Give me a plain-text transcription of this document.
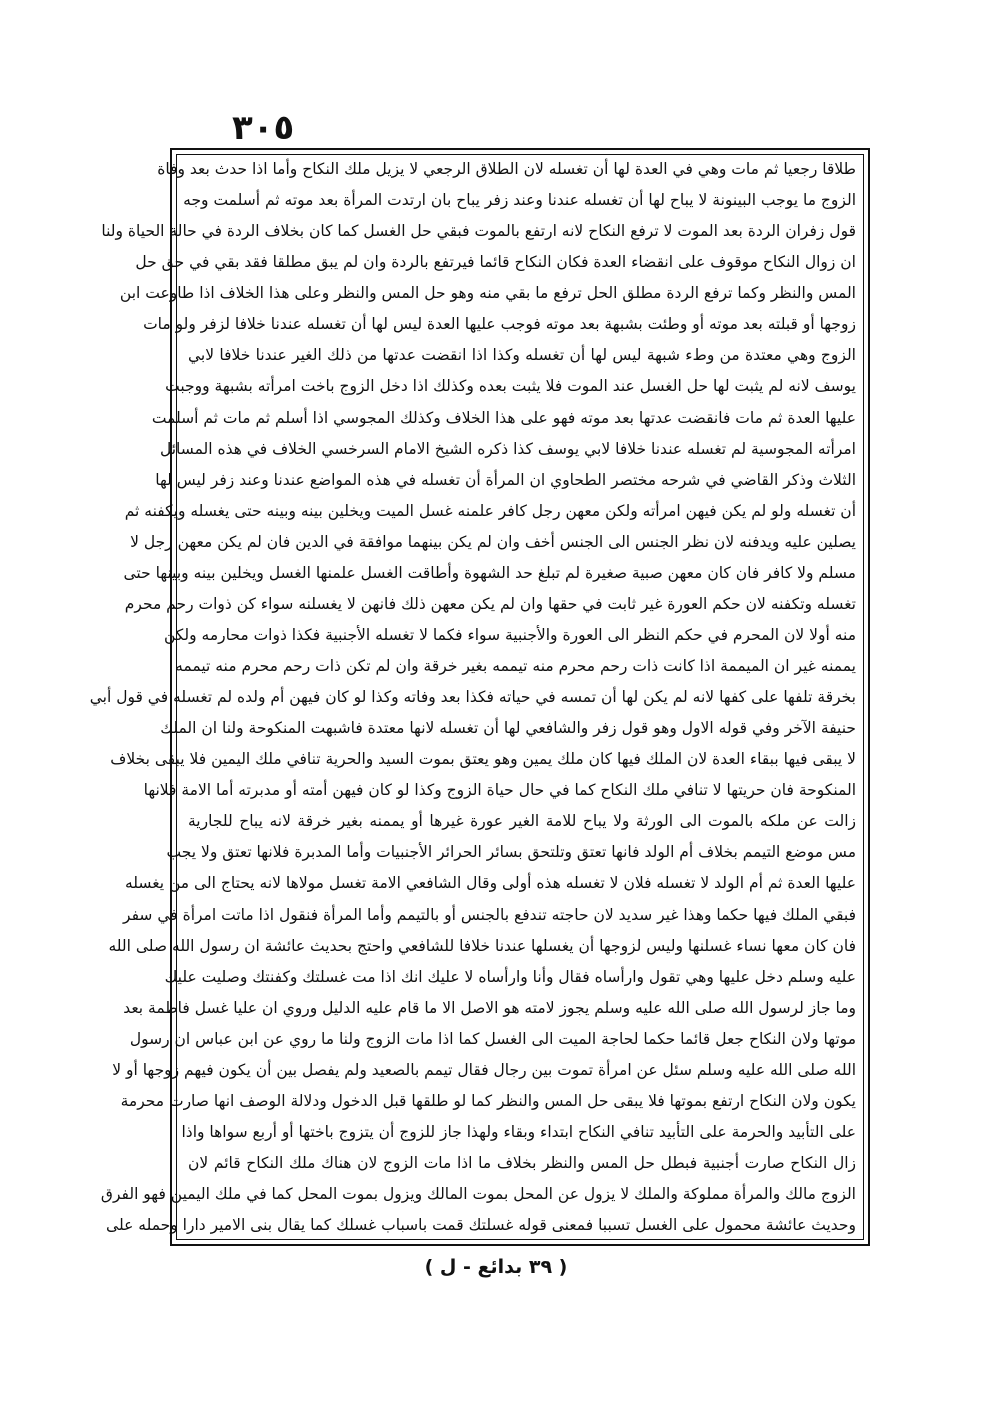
٣٠٥
طلاقا رجعيا ثم مات وهي في العدة لها أن تغسله لان الطلاق الرجعي لا يزيل ملك النكاح وأما اذا حدث بعد وفاة
الزوج ما يوجب البينونة لا يباح لها أن تغسله عندنا وعند زفر يباح بان ارتدت المرأة بعد موته ثم أسلمت وجه
قول زفران الردة بعد الموت لا ترفع النكاح لانه ارتفع بالموت فبقي حل الغسل كما كان بخلاف الردة في حالة الحياة ولنا
ان زوال النكاح موقوف على انقضاء العدة فكان النكاح قائما فيرتفع بالردة وان لم يبق مطلقا فقد بقي في حق حل
المس والنظر وكما ترفع الردة مطلق الحل ترفع ما بقي منه وهو حل المس والنظر وعلى هذا الخلاف اذا طاوعت ابن
زوجها أو قبلته بعد موته أو وطئت بشبهة بعد موته فوجب عليها العدة ليس لها أن تغسله عندنا خلافا لزفر ولو مات
الزوج وهي معتدة من وطء شبهة ليس لها أن تغسله وكذا اذا انقضت عدتها من ذلك الغير عندنا خلافا لابي
يوسف لانه لم يثبت لها حل الغسل عند الموت فلا يثبت بعده وكذلك اذا دخل الزوج باخت امرأته بشبهة ووجبت
عليها العدة ثم مات فانقضت عدتها بعد موته فهو على هذا الخلاف وكذلك المجوسي اذا أسلم ثم مات ثم أسلمت
امرأته المجوسية لم تغسله عندنا خلافا لابي يوسف كذا ذكره الشيخ الامام السرخسي الخلاف في هذه المسائل
الثلاث وذكر القاضي في شرحه مختصر الطحاوي ان المرأة أن تغسله في هذه المواضع عندنا وعند زفر ليس لها
أن تغسله ولو لم يكن فيهن امرأته ولكن معهن رجل كافر علمنه غسل الميت ويخلين بينه وبينه حتى يغسله ويكفنه ثم
يصلين عليه ويدفنه لان نظر الجنس الى الجنس أخف وان لم يكن بينهما موافقة في الدين فان لم يكن معهن رجل لا
مسلم ولا كافر فان كان معهن صبية صغيرة لم تبلغ حد الشهوة وأطاقت الغسل علمنها الغسل ويخلين بينه وبينها حتى
تغسله وتكفنه لان حكم العورة غير ثابت في حقها وان لم يكن معهن ذلك فانهن لا يغسلنه سواء كن ذوات رحم محرم
منه أولا لان المحرم في حكم النظر الى العورة والأجنبية سواء فكما لا تغسله الأجنبية فكذا ذوات محارمه ولكن
يممنه غير ان الميممة اذا كانت ذات رحم محرم منه تيممه بغير خرقة وان لم تكن ذات رحم محرم منه تيممه
بخرقة تلفها على كفها لانه لم يكن لها أن تمسه في حياته فكذا بعد وفاته وكذا لو كان فيهن أم ولده لم تغسله في قول أبي
حنيفة الآخر وفي قوله الاول وهو قول زفر والشافعي لها أن تغسله لانها معتدة فاشبهت المنكوحة ولنا ان الملك
لا يبقى فيها ببقاء العدة لان الملك فيها كان ملك يمين وهو يعتق بموت السيد والحرية تنافي ملك اليمين فلا يبقى بخلاف
المنكوحة فان حريتها لا تنافي ملك النكاح كما في حال حياة الزوج وكذا لو كان فيهن أمته أو مدبرته أما الامة فلانها
زالت عن ملكه بالموت الى الورثة ولا يباح للامة الغير عورة غيرها أو يممنه بغير خرقة لانه يباح للجارية
مس موضع التيمم بخلاف أم الولد فانها تعتق وتلتحق بسائر الحرائر الأجنبيات وأما المدبرة فلانها تعتق ولا يجب
عليها العدة ثم أم الولد لا تغسله فلان لا تغسله هذه أولى وقال الشافعي الامة تغسل مولاها لانه يحتاج الى من يغسله
فبقي الملك فيها حكما وهذا غير سديد لان حاجته تندفع بالجنس أو بالتيمم وأما المرأة فنقول اذا ماتت امرأة في سفر
فان كان معها نساء غسلنها وليس لزوجها أن يغسلها عندنا خلافا للشافعي واحتج بحديث عائشة ان رسول الله صلى الله
عليه وسلم دخل عليها وهي تقول وارأساه فقال وأنا وارأساه لا عليك انك اذا مت غسلتك وكفنتك وصليت عليك
وما جاز لرسول الله صلى الله عليه وسلم يجوز لامته هو الاصل الا ما قام عليه الدليل وروي ان عليا غسل فاطمة بعد
موتها ولان النكاح جعل قائما حكما لحاجة الميت الى الغسل كما اذا مات الزوج ولنا ما روي عن ابن عباس ان رسول
الله صلى الله عليه وسلم سئل عن امرأة تموت بين رجال فقال تيمم بالصعيد ولم يفصل بين أن يكون فيهم زوجها أو لا
يكون ولان النكاح ارتفع بموتها فلا يبقى حل المس والنظر كما لو طلقها قبل الدخول ودلالة الوصف انها صارت محرمة
على التأبيد والحرمة على التأبيد تنافي النكاح ابتداء وبقاء ولهذا جاز للزوج أن يتزوج باختها أو أربع سواها واذا
زال النكاح صارت أجنبية فبطل حل المس والنظر بخلاف ما اذا مات الزوج لان هناك ملك النكاح قائم لان
الزوج مالك والمرأة مملوكة والملك لا يزول عن المحل بموت المالك ويزول بموت المحل كما في ملك اليمين فهو الفرق
وحديث عائشة محمول على الغسل تسببا فمعنى قوله غسلتك قمت باسباب غسلك كما يقال بنى الامير دارا وحمله على
( ٣٩ بدائع - ل )
